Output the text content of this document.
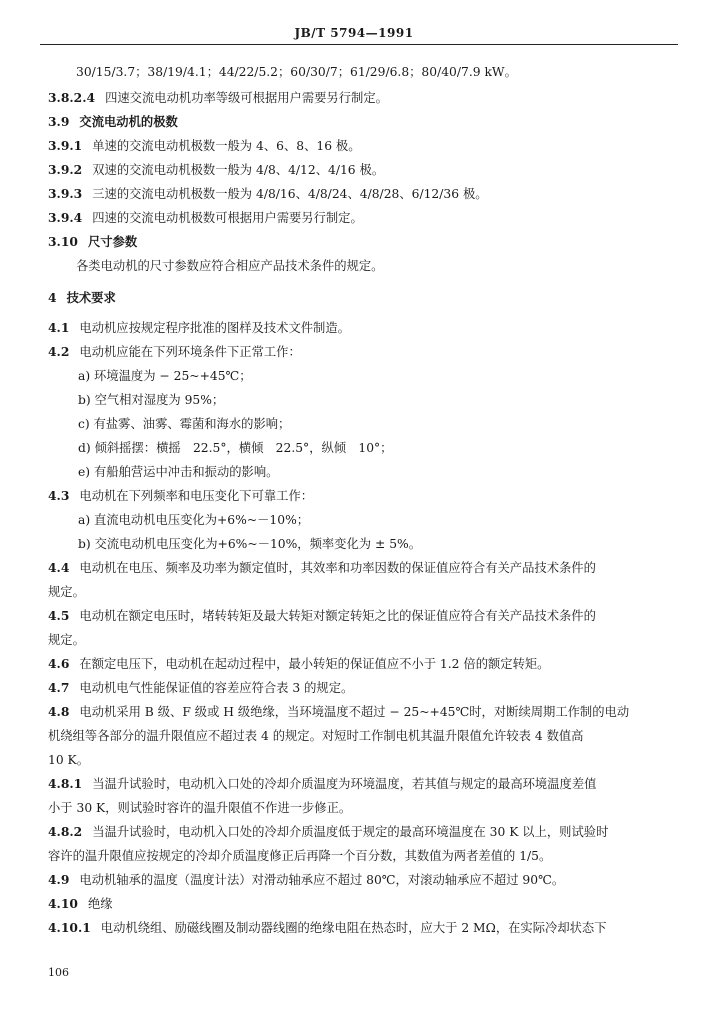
JB/T 5794—1991
30/15/3.7；38/19/4.1；44/22/5.2；60/30/7；61/29/6.8；80/40/7.9 kW。
3.8.2.4 四速交流电动机功率等级可根据用户需要另行制定。
3.9 交流电动机的极数
3.9.1 单速的交流电动机极数一般为 4、6、8、16 极。
3.9.2 双速的交流电动机极数一般为 4/8、4/12、4/16 极。
3.9.3 三速的交流电动机极数一般为 4/8/16、4/8/24、4/8/28、6/12/36 极。
3.9.4 四速的交流电动机极数可根据用户需要另行制定。
3.10 尺寸参数
各类电动机的尺寸参数应符合相应产品技术条件的规定。
4 技术要求
4.1 电动机应按规定程序批准的图样及技术文件制造。
4.2 电动机应能在下列环境条件下正常工作：
a) 环境温度为 − 25~+45℃；
b) 空气相对湿度为 95%；
c) 有盐雾、油雾、霉菌和海水的影响；
d) 倾斜摇摆：横摇　22.5°，横倾　22.5°，纵倾　10°；
e) 有船舶营运中冲击和振动的影响。
4.3 电动机在下列频率和电压变化下可靠工作：
a) 直流电动机电压变化为+6%~－10%；
b) 交流电动机电压变化为+6%~－10%，频率变化为 ± 5%。
4.4 电动机在电压、频率及功率为额定值时，其效率和功率因数的保证值应符合有关产品技术条件的
规定。
4.5 电动机在额定电压时，堵转转矩及最大转矩对额定转矩之比的保证值应符合有关产品技术条件的
规定。
4.6 在额定电压下，电动机在起动过程中，最小转矩的保证值应不小于 1.2 倍的额定转矩。
4.7 电动机电气性能保证值的容差应符合表 3 的规定。
4.8 电动机采用 B 级、F 级或 H 级绝缘，当环境温度不超过 − 25~+45℃时，对断续周期工作制的电动
机绕组等各部分的温升限值应不超过表 4 的规定。对短时工作制电机其温升限值允许较表 4 数值高
10 K。
4.8.1 当温升试验时，电动机入口处的冷却介质温度为环境温度，若其值与规定的最高环境温度差值
小于 30 K，则试验时容许的温升限值不作进一步修正。
4.8.2 当温升试验时，电动机入口处的冷却介质温度低于规定的最高环境温度在 30 K 以上，则试验时
容许的温升限值应按规定的冷却介质温度修正后再降一个百分数，其数值为两者差值的 1/5。
4.9 电动机轴承的温度（温度计法）对滑动轴承应不超过 80℃，对滚动轴承应不超过 90℃。
4.10 绝缘
4.10.1 电动机绕组、励磁线圈及制动器线圈的绝缘电阻在热态时，应大于 2 MΩ，在实际冷却状态下
106
